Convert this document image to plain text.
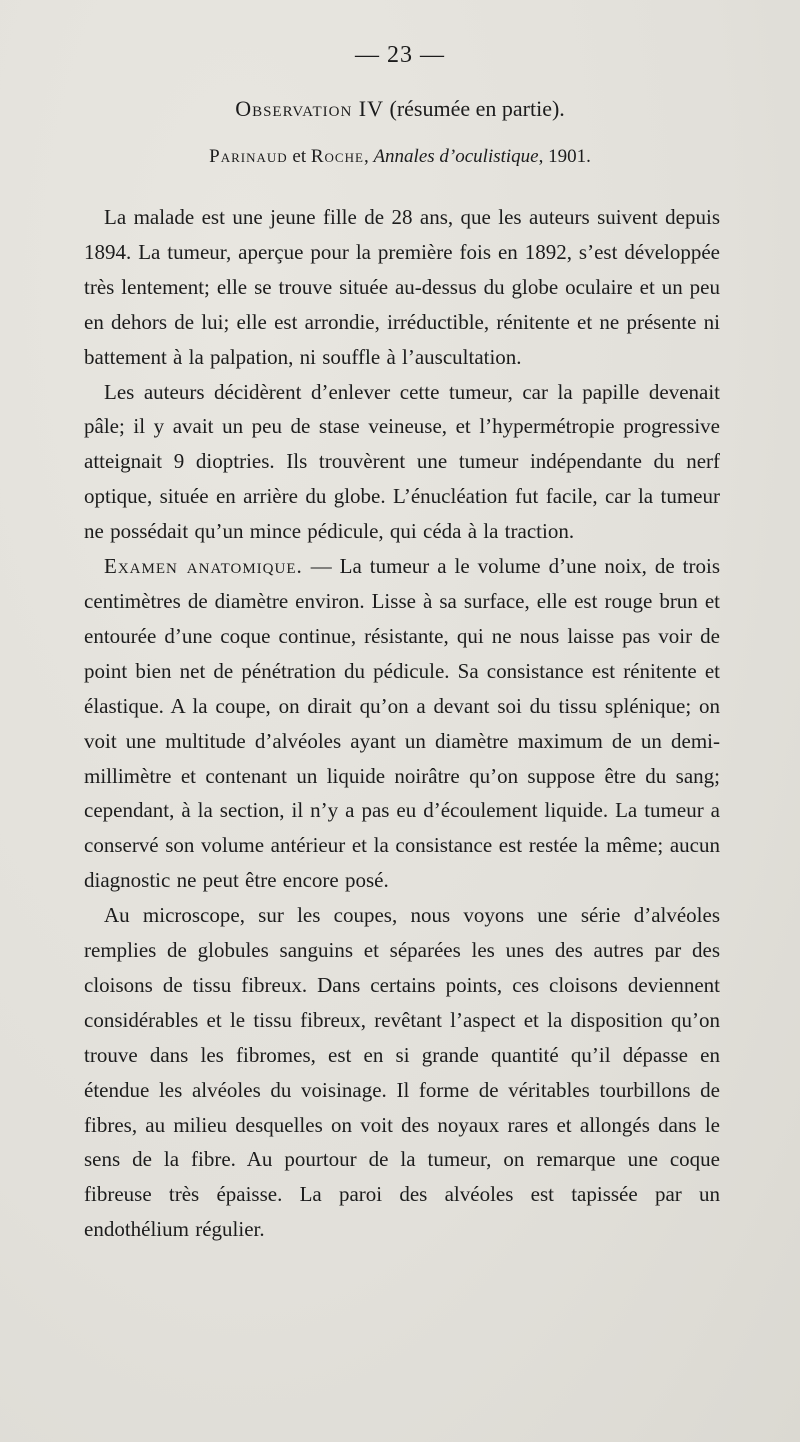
— 23 —
Observation IV (résumée en partie).
Parinaud et Roche, Annales d’oculistique, 1901.

La malade est une jeune fille de 28 ans, que les auteurs suivent depuis 1894. La tumeur, aperçue pour la première fois en 1892, s’est développée très lentement; elle se trouve située au-dessus du globe oculaire et un peu en dehors de lui; elle est arrondie, irréductible, rénitente et ne présente ni battement à la palpation, ni souffle à l’auscultation.

Les auteurs décidèrent d’enlever cette tumeur, car la papille devenait pâle; il y avait un peu de stase veineuse, et l’hypermétropie progressive atteignait 9 dioptries. Ils trouvèrent une tumeur indépendante du nerf optique, située en arrière du globe. L’énucléation fut facile, car la tumeur ne possédait qu’un mince pédicule, qui céda à la traction.

Examen anatomique. — La tumeur a le volume d’une noix, de trois centimètres de diamètre environ. Lisse à sa surface, elle est rouge brun et entourée d’une coque continue, résistante, qui ne nous laisse pas voir de point bien net de pénétration du pédicule. Sa consistance est rénitente et élastique. A la coupe, on dirait qu’on a devant soi du tissu splénique; on voit une multitude d’alvéoles ayant un diamètre maximum de un demi-millimètre et contenant un liquide noirâtre qu’on suppose être du sang; cependant, à la section, il n’y a pas eu d’écoulement liquide. La tumeur a conservé son volume antérieur et la consistance est restée la même; aucun diagnostic ne peut être encore posé.

Au microscope, sur les coupes, nous voyons une série d’alvéoles remplies de globules sanguins et séparées les unes des autres par des cloisons de tissu fibreux. Dans certains points, ces cloisons deviennent considérables et le tissu fibreux, revêtant l’aspect et la disposition qu’on trouve dans les fibromes, est en si grande quantité qu’il dépasse en étendue les alvéoles du voisinage. Il forme de véritables tourbillons de fibres, au milieu desquelles on voit des noyaux rares et allongés dans le sens de la fibre. Au pourtour de la tumeur, on remarque une coque fibreuse très épaisse. La paroi des alvéoles est tapissée par un endothélium régulier.
